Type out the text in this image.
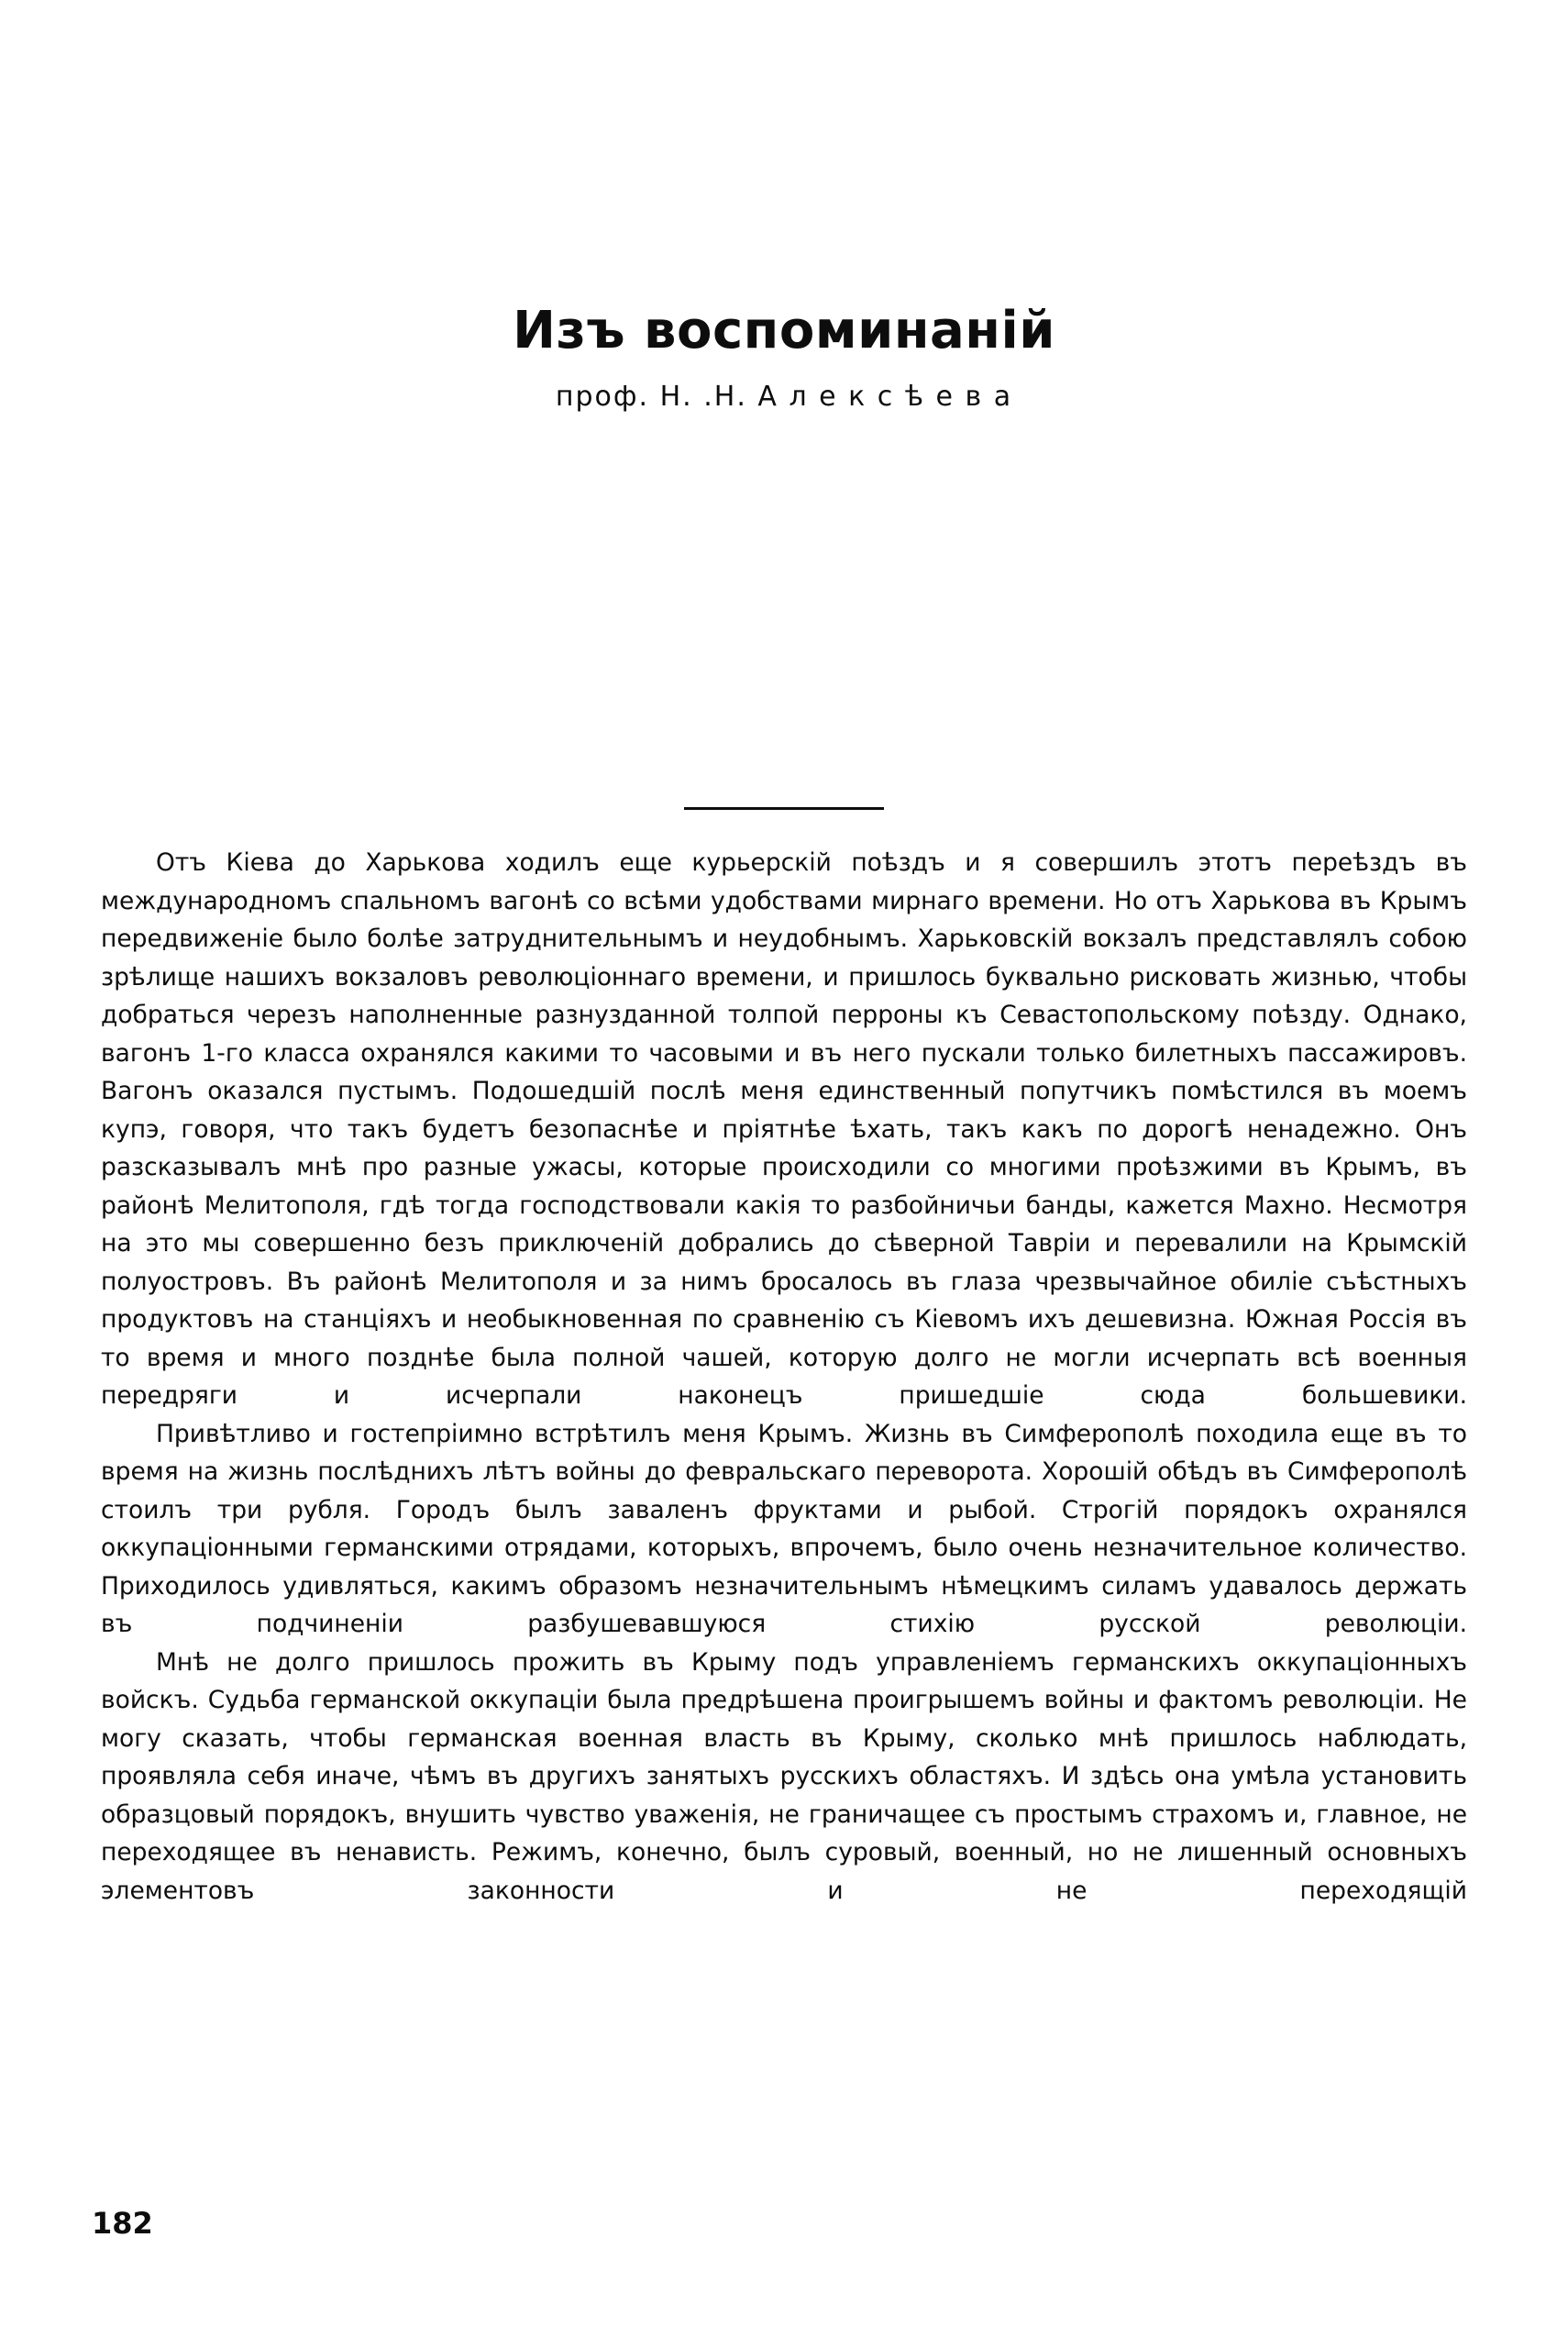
Изъ воспоминанiй
проф. Н. .Н. А л е к с ѣ е в а

Отъ Кiева до Харькова ходилъ еще курьерскiй поѣздъ и я совершилъ этотъ переѣздъ въ международномъ спальномъ вагонѣ со всѣми удобствами мирнаго времени. Но отъ Харькова въ Крымъ передвиженiе было болѣе затруднительнымъ и неудобнымъ. Харьковскiй вокзалъ представлялъ собою зрѣлище нашихъ вокзаловъ революцiоннаго времени, и пришлось буквально рисковать жизнью, чтобы добраться черезъ наполненные разнузданной толпой перроны къ Севастопольскому поѣзду. Однако, вагонъ 1-го класса охранялся какими то часовыми и въ него пускали только билетныхъ пассажировъ. Вагонъ оказался пустымъ. Подошедшiй послѣ меня единственный попутчикъ помѣстился въ моемъ купэ, говоря, что такъ будетъ безопаснѣе и прiятнѣе ѣхать, такъ какъ по дорогѣ ненадежно. Онъ разсказывалъ мнѣ про разные ужасы, которые происходили со многими проѣзжими въ Крымъ, въ районѣ Мелитополя, гдѣ тогда господствовали какiя то разбойничьи банды, кажется Махно. Несмотря на это мы совершенно безъ приключенiй добрались до сѣверной Таврiи и перевалили на Крымскiй полуостровъ. Въ районѣ Мелитополя и за нимъ бросалось въ глаза чрезвычайное обилiе съѣстныхъ продуктовъ на станцiяхъ и необыкновенная по сравненiю съ Кiевомъ ихъ дешевизна. Южная Россiя въ то время и много позднѣе была полной чашей, которую долго не могли исчерпать всѣ военныя передряги и исчерпали наконецъ пришедшiе сюда большевики.

Привѣтливо и гостепрiимно встрѣтилъ меня Крымъ. Жизнь въ Симферополѣ походила еще въ то время на жизнь послѣднихъ лѣтъ войны до февральскаго переворота. Хорошiй обѣдъ въ Симферополѣ стоилъ три рубля. Городъ былъ заваленъ фруктами и рыбой. Строгiй порядокъ охранялся оккупацiонными германскими отрядами, которыхъ, впрочемъ, было очень незначительное количество. Приходилось удивляться, какимъ образомъ незначительнымъ нѣмецкимъ силамъ удавалось держать въ подчиненiи разбушевавшуюся стихiю русской революцiи.

Мнѣ не долго пришлось прожить въ Крыму подъ управленiемъ германскихъ оккупацiонныхъ войскъ. Судьба германской оккупацiи была предрѣшена проигрышемъ войны и фактомъ революцiи. Не могу сказать, чтобы германская военная власть въ Крыму, сколько мнѣ пришлось наблюдать, проявляла себя иначе, чѣмъ въ другихъ занятыхъ русскихъ областяхъ. И здѣсь она умѣла установить образцовый порядокъ, внушить чувство уваженiя, не граничащее съ простымъ страхомъ и, главное, не переходящее въ ненависть. Режимъ, конечно, былъ суровый, военный, но не лишенный основныхъ элементовъ законности и не переходящiй

182
